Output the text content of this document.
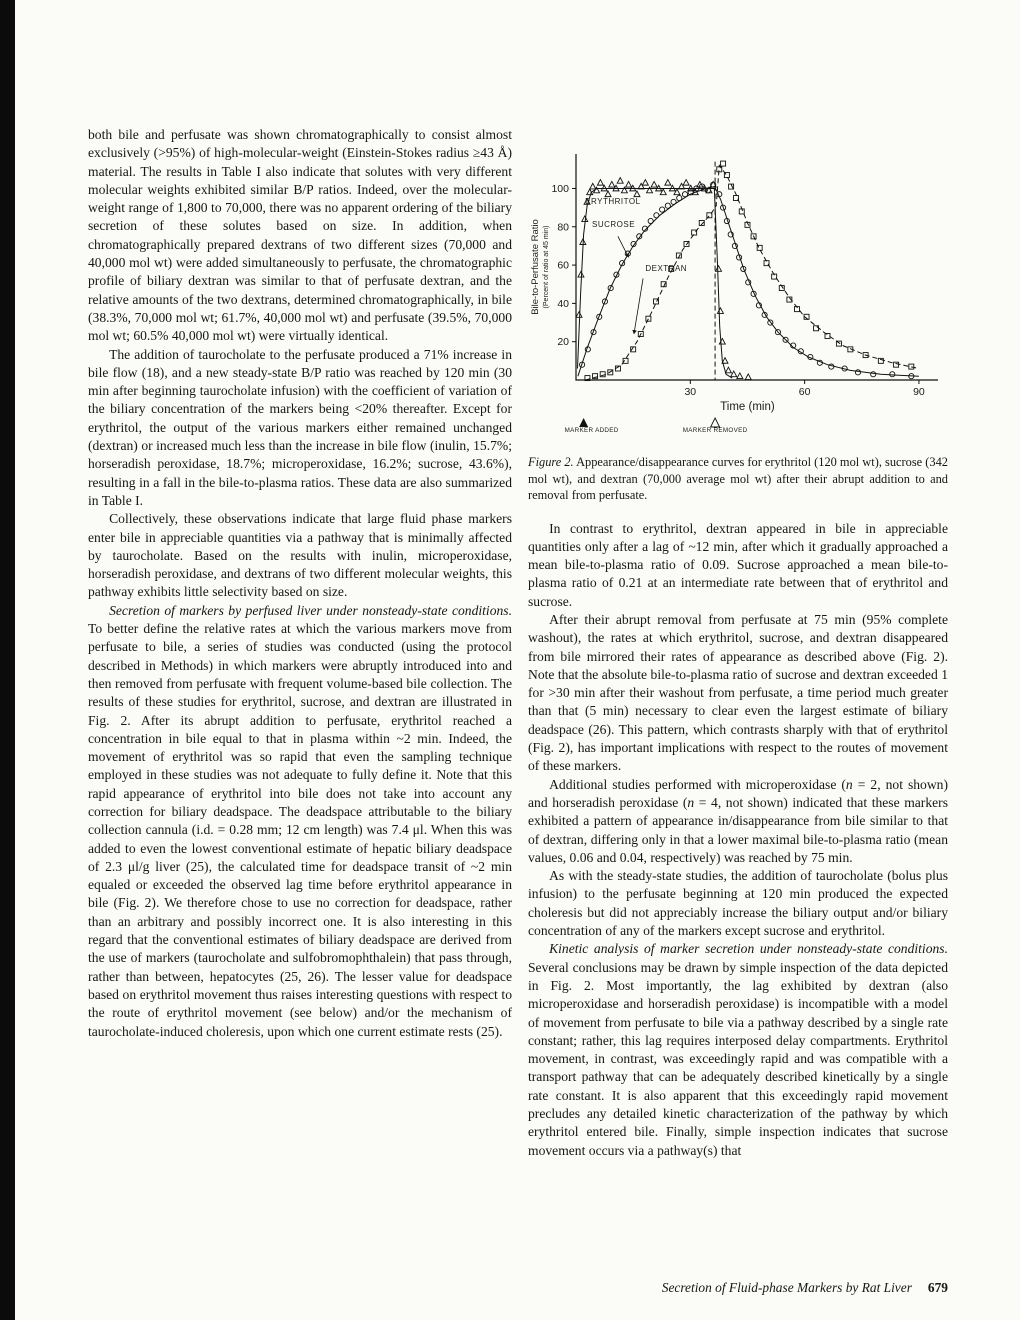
both bile and perfusate was shown chromatographically to consist almost exclusively (>95%) of high-molecular-weight (Einstein-Stokes radius ≥43 Å) material. The results in Table I also indicate that solutes with very different molecular weights exhibited similar B/P ratios. Indeed, over the molecular-weight range of 1,800 to 70,000, there was no apparent ordering of the biliary secretion of these solutes based on size. In addition, when chromatographically prepared dextrans of two different sizes (70,000 and 40,000 mol wt) were added simultaneously to perfusate, the chromatographic profile of biliary dextran was similar to that of perfusate dextran, and the relative amounts of the two dextrans, determined chromatographically, in bile (38.3%, 70,000 mol wt; 61.7%, 40,000 mol wt) and perfusate (39.5%, 70,000 mol wt; 60.5% 40,000 mol wt) were virtually identical.

The addition of taurocholate to the perfusate produced a 71% increase in bile flow (18), and a new steady-state B/P ratio was reached by 120 min (30 min after beginning taurocholate infusion) with the coefficient of variation of the biliary concentration of the markers being <20% thereafter. Except for erythritol, the output of the various markers either remained unchanged (dextran) or increased much less than the increase in bile flow (inulin, 15.7%; horseradish peroxidase, 18.7%; microperoxidase, 16.2%; sucrose, 43.6%), resulting in a fall in the bile-to-plasma ratios. These data are also summarized in Table I.

Collectively, these observations indicate that large fluid phase markers enter bile in appreciable quantities via a pathway that is minimally affected by taurocholate. Based on the results with inulin, microperoxidase, horseradish peroxidase, and dextrans of two different molecular weights, this pathway exhibits little selectivity based on size.

Secretion of markers by perfused liver under nonsteady-state conditions. To better define the relative rates at which the various markers move from perfusate to bile, a series of studies was conducted (using the protocol described in Methods) in which markers were abruptly introduced into and then removed from perfusate with frequent volume-based bile collection. The results of these studies for erythritol, sucrose, and dextran are illustrated in Fig. 2. After its abrupt addition to perfusate, erythritol reached a concentration in bile equal to that in plasma within ~2 min. Indeed, the movement of erythritol was so rapid that even the sampling technique employed in these studies was not adequate to fully define it. Note that this rapid appearance of erythritol into bile does not take into account any correction for biliary deadspace. The deadspace attributable to the biliary collection cannula (i.d. = 0.28 mm; 12 cm length) was 7.4 μl. When this was added to even the lowest conventional estimate of hepatic biliary deadspace of 2.3 μl/g liver (25), the calculated time for deadspace transit of ~2 min equaled or exceeded the observed lag time before erythritol appearance in bile (Fig. 2). We therefore chose to use no correction for deadspace, rather than an arbitrary and possibly incorrect one. It is also interesting in this regard that the conventional estimates of biliary deadspace are derived from the use of markers (taurocholate and sulfobromophthalein) that pass through, rather than between, hepatocytes (25, 26). The lesser value for deadspace based on erythritol movement thus raises interesting questions with respect to the route of erythritol movement (see below) and/or the mechanism of taurocholate-induced choleresis, upon which one current estimate rests (25).

20
40
60
80
100
30	60	90
Time (min)
Bile-to-Perfusate Ratio (Percent of ratio at 45 min)
ERYTHRITOL
SUCROSE
DEXTRAN
MARKER ADDED	MARKER REMOVED

Figure 2. Appearance/disappearance curves for erythritol (120 mol wt), sucrose (342 mol wt), and dextran (70,000 average mol wt) after their abrupt addition to and removal from perfusate.

In contrast to erythritol, dextran appeared in bile in appreciable quantities only after a lag of ~12 min, after which it gradually approached a mean bile-to-plasma ratio of 0.09. Sucrose approached a mean bile-to-plasma ratio of 0.21 at an intermediate rate between that of erythritol and sucrose.

After their abrupt removal from perfusate at 75 min (95% complete washout), the rates at which erythritol, sucrose, and dextran disappeared from bile mirrored their rates of appearance as described above (Fig. 2). Note that the absolute bile-to-plasma ratio of sucrose and dextran exceeded 1 for >30 min after their washout from perfusate, a time period much greater than that (5 min) necessary to clear even the largest estimate of biliary deadspace (26). This pattern, which contrasts sharply with that of erythritol (Fig. 2), has important implications with respect to the routes of movement of these markers.

Additional studies performed with microperoxidase (n = 2, not shown) and horseradish peroxidase (n = 4, not shown) indicated that these markers exhibited a pattern of appearance in/disappearance from bile similar to that of dextran, differing only in that a lower maximal bile-to-plasma ratio (mean values, 0.06 and 0.04, respectively) was reached by 75 min.

As with the steady-state studies, the addition of taurocholate (bolus plus infusion) to the perfusate beginning at 120 min produced the expected choleresis but did not appreciably increase the biliary output and/or biliary concentration of any of the markers except sucrose and erythritol.

Kinetic analysis of marker secretion under nonsteady-state conditions. Several conclusions may be drawn by simple inspection of the data depicted in Fig. 2. Most importantly, the lag exhibited by dextran (also microperoxidase and horseradish peroxidase) is incompatible with a model of movement from perfusate to bile via a pathway described by a single rate constant; rather, this lag requires interposed delay compartments. Erythritol movement, in contrast, was exceedingly rapid and was compatible with a transport pathway that can be adequately described kinetically by a single rate constant. It is also apparent that this exceedingly rapid movement precludes any detailed kinetic characterization of the pathway by which erythritol entered bile. Finally, simple inspection indicates that sucrose movement occurs via a pathway(s) that

Secretion of Fluid-phase Markers by Rat Liver 679
